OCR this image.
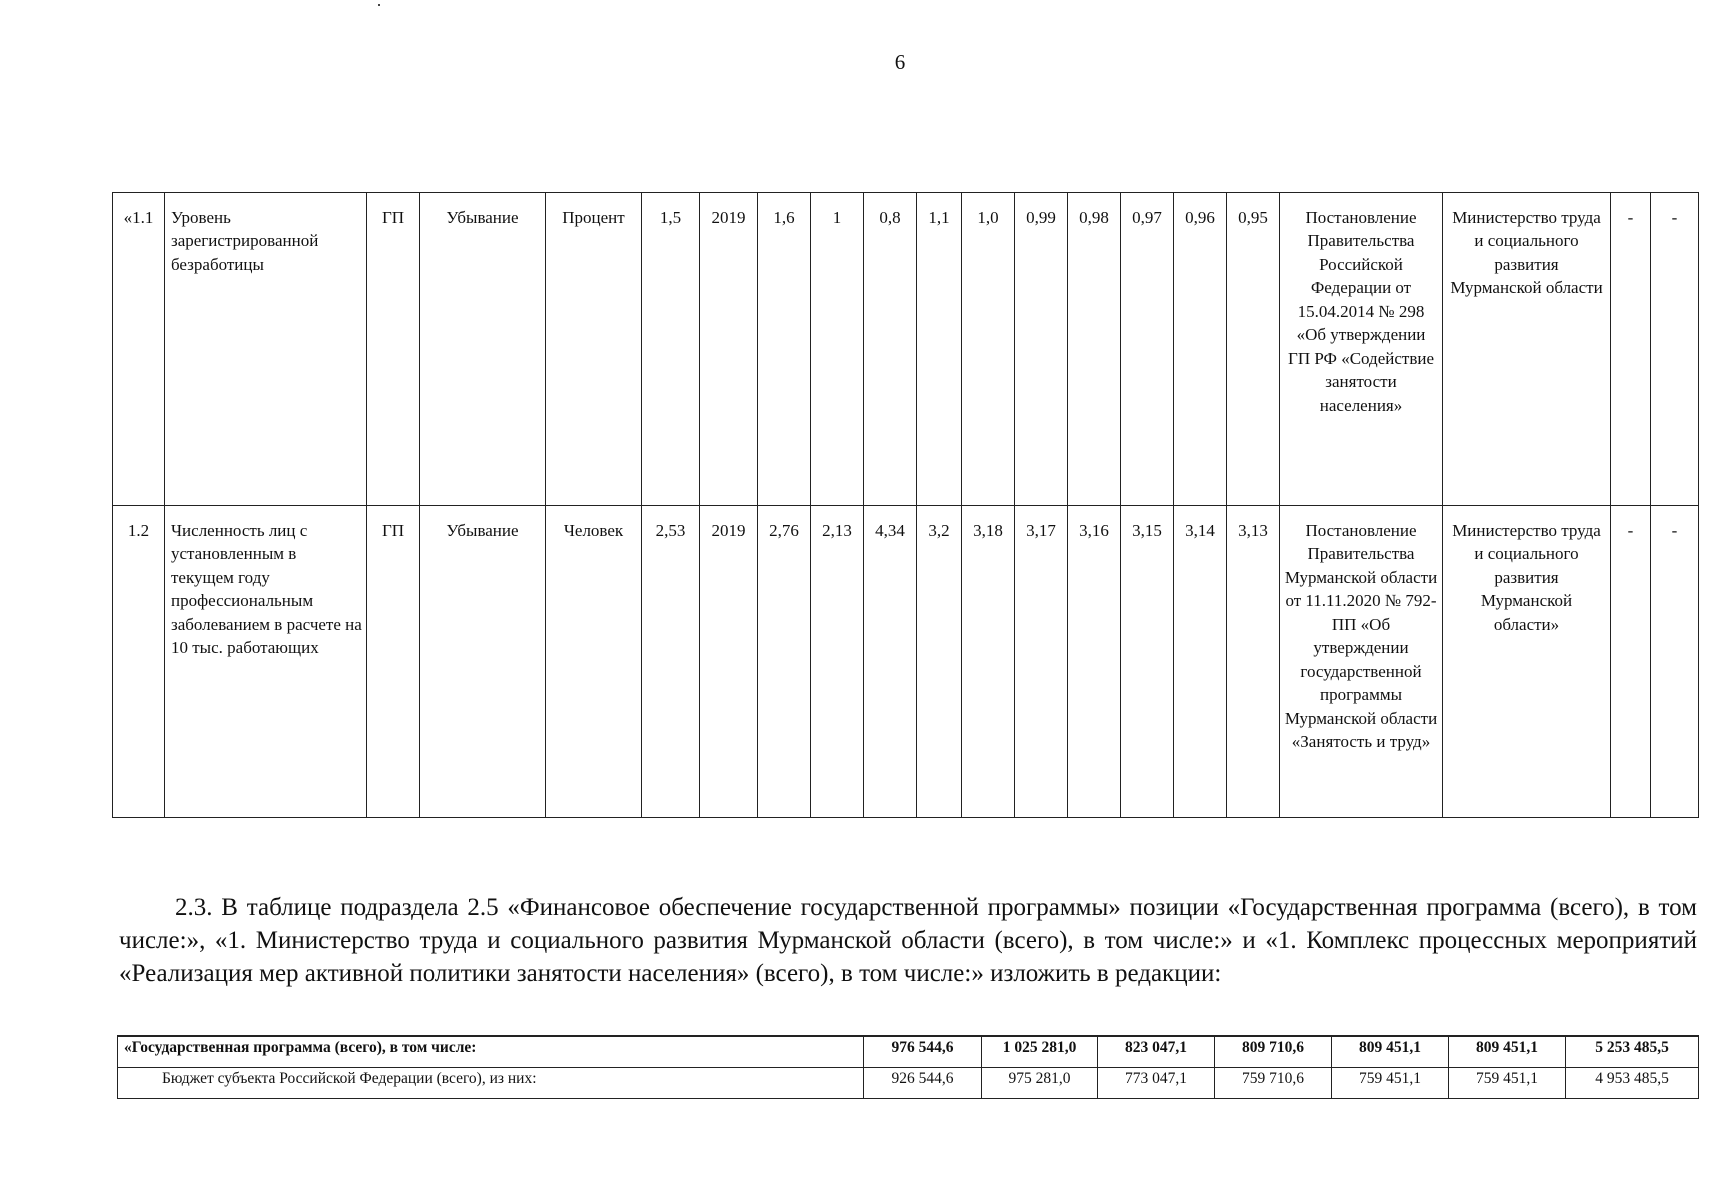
6
«1.1	Уровень зарегистрированной безработицы	ГП	Убывание	Процент	1,5	2019	1,6	1	0,8	1,1	1,0	0,99	0,98	0,97	0,96	0,95	Постановление Правительства Российской Федерации от 15.04.2014 № 298 «Об утверждении ГП РФ «Содействие занятости населения»	Министерство труда и социального развития Мурманской области	-	-
1.2	Численность лиц с установленным в текущем году профессиональным заболеванием в расчете на 10 тыс. работающих	ГП	Убывание	Человек	2,53	2019	2,76	2,13	4,34	3,2	3,18	3,17	3,16	3,15	3,14	3,13	Постановление Правительства Мурманской области от 11.11.2020 № 792-ПП «Об утверждении государственной программы Мурманской области «Занятость и труд»	Министерство труда и социального развития Мурманской области»	-	-

2.3. В таблице подраздела 2.5 «Финансовое обеспечение государственной программы» позиции «Государственная программа (всего), в том числе:», «1. Министерство труда и социального развития Мурманской области (всего), в том числе:» и «1. Комплекс процессных мероприятий «Реализация мер активной политики занятости населения» (всего), в том числе:» изложить в редакции:

«Государственная программа (всего), в том числе:	976 544,6	1 025 281,0	823 047,1	809 710,6	809 451,1	809 451,1	5 253 485,5
Бюджет субъекта Российской Федерации (всего), из них:	926 544,6	975 281,0	773 047,1	759 710,6	759 451,1	759 451,1	4 953 485,5
